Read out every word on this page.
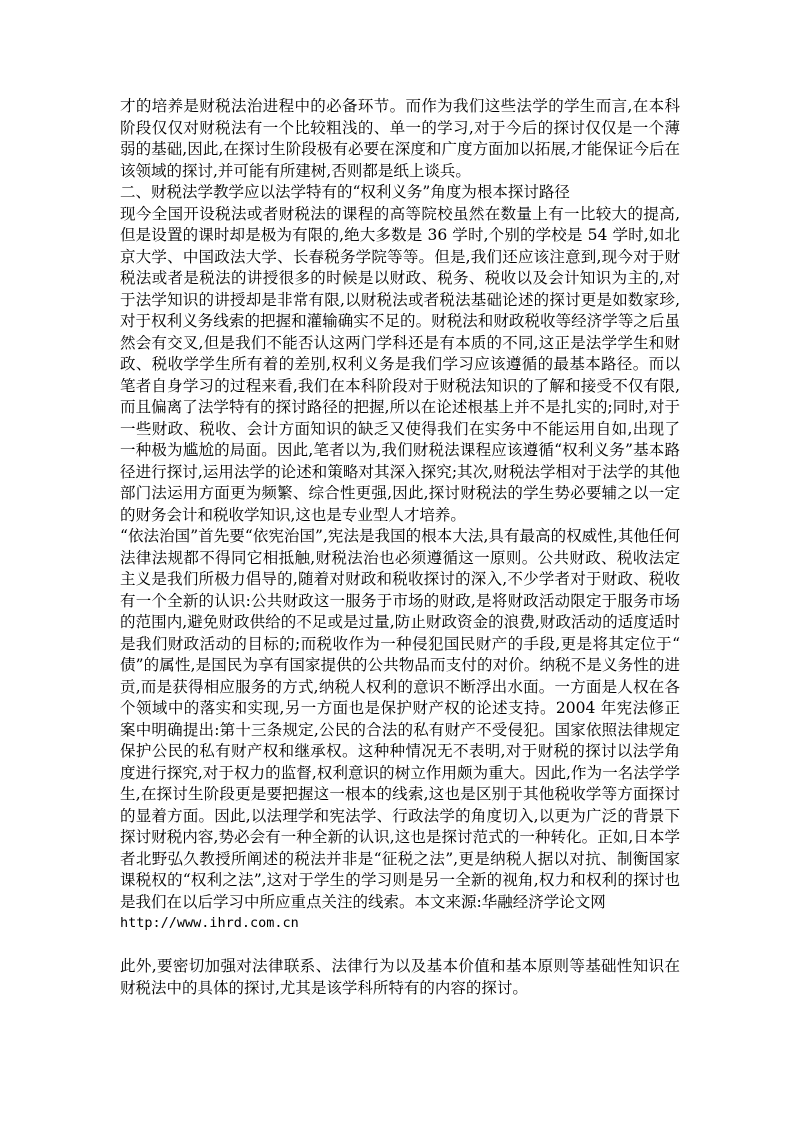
才的培养是财税法治进程中的必备环节。而作为我们这些法学的学生而言,在本科阶段仅仅对财税法有一个比较粗浅的、单一的学习,对于今后的探讨仅仅是一个薄弱的基础,因此,在探讨生阶段极有必要在深度和广度方面加以拓展,才能保证今后在该领域的探讨,并可能有所建树,否则都是纸上谈兵。

二、财税法学教学应以法学特有的“权利义务”角度为根本探讨路径

现今全国开设税法或者财税法的课程的高等院校虽然在数量上有一比较大的提高,但是设置的课时却是极为有限的,绝大多数是 36 学时,个别的学校是 54 学时,如北京大学、中国政法大学、长春税务学院等等。但是,我们还应该注意到,现今对于财税法或者是税法的讲授很多的时候是以财政、税务、税收以及会计知识为主的,对于法学知识的讲授却是非常有限,以财税法或者税法基础论述的探讨更是如数家珍,对于权利义务线索的把握和灌输确实不足的。财税法和财政税收等经济学等之后虽然会有交叉,但是我们不能否认这两门学科还是有本质的不同,这正是法学学生和财政、税收学学生所有着的差别,权利义务是我们学习应该遵循的最基本路径。而以笔者自身学习的过程来看,我们在本科阶段对于财税法知识的了解和接受不仅有限,而且偏离了法学特有的探讨路径的把握,所以在论述根基上并不是扎实的;同时,对于一些财政、税收、会计方面知识的缺乏又使得我们在实务中不能运用自如,出现了一种极为尴尬的局面。因此,笔者以为,我们财税法课程应该遵循“权利义务”基本路径进行探讨,运用法学的论述和策略对其深入探究;其次,财税法学相对于法学的其他部门法运用方面更为频繁、综合性更强,因此,探讨财税法的学生势必要辅之以一定的财务会计和税收学知识,这也是专业型人才培养。

“依法治国”首先要“依宪治国”,宪法是我国的根本大法,具有最高的权威性,其他任何法律法规都不得同它相抵触,财税法治也必须遵循这一原则。公共财政、税收法定主义是我们所极力倡导的,随着对财政和税收探讨的深入,不少学者对于财政、税收有一个全新的认识:公共财政这一服务于市场的财政,是将财政活动限定于服务市场的范围内,避免财政供给的不足或是过量,防止财政资金的浪费,财政活动的适度适时是我们财政活动的目标的;而税收作为一种侵犯国民财产的手段,更是将其定位于“债”的属性,是国民为享有国家提供的公共物品而支付的对价。纳税不是义务性的进贡,而是获得相应服务的方式,纳税人权利的意识不断浮出水面。一方面是人权在各个领域中的落实和实现,另一方面也是保护财产权的论述支持。2004 年宪法修正案中明确提出:第十三条规定,公民的合法的私有财产不受侵犯。国家依照法律规定保护公民的私有财产权和继承权。这种种情况无不表明,对于财税的探讨以法学角度进行探究,对于权力的监督,权利意识的树立作用颇为重大。因此,作为一名法学学生,在探讨生阶段更是要把握这一根本的线索,这也是区别于其他税收学等方面探讨的显着方面。因此,以法理学和宪法学、行政法学的角度切入,以更为广泛的背景下探讨财税内容,势必会有一种全新的认识,这也是探讨范式的一种转化。正如,日本学者北野弘久教授所阐述的税法并非是“征税之法”,更是纳税人据以对抗、制衡国家课税权的“权利之法”,这对于学生的学习则是另一全新的视角,权力和权利的探讨也是我们在以后学习中所应重点关注的线索。本文来源:华融经济学论文网

http://www.ihrd.com.cn

此外,要密切加强对法律联系、法律行为以及基本价值和基本原则等基础性知识在财税法中的具体的探讨,尤其是该学科所特有的内容的探讨。
